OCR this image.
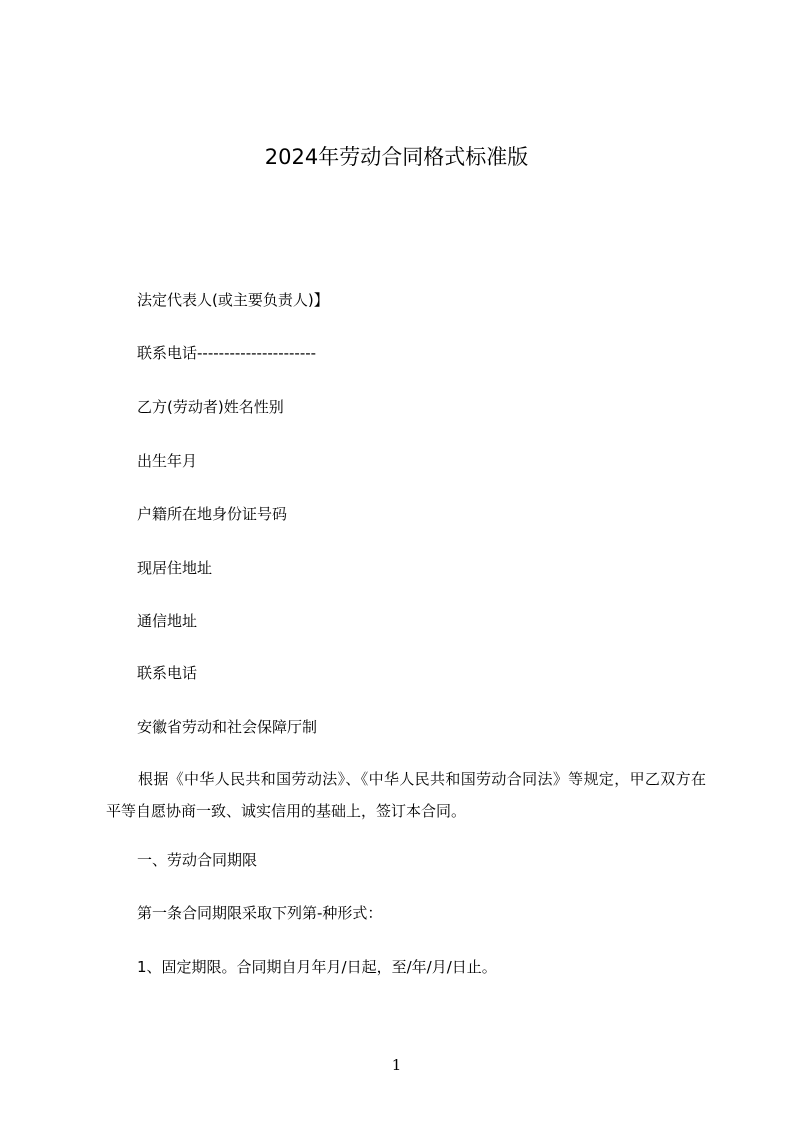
2024年劳动合同格式标准版
法定代表人(或主要负责人)】
联系电话----------------------
乙方(劳动者)姓名性别
出生年月
户籍所在地身份证号码
现居住地址
通信地址
联系电话
安徽省劳动和社会保障厅制
根据《中华人民共和国劳动法》、《中华人民共和国劳动合同法》等规定，甲乙双方在平等自愿协商一致、诚实信用的基础上，签订本合同。
一、劳动合同期限
第一条合同期限采取下列第-种形式：
1、固定期限。合同期自月年月/日起，至/年/月/日止。
1
